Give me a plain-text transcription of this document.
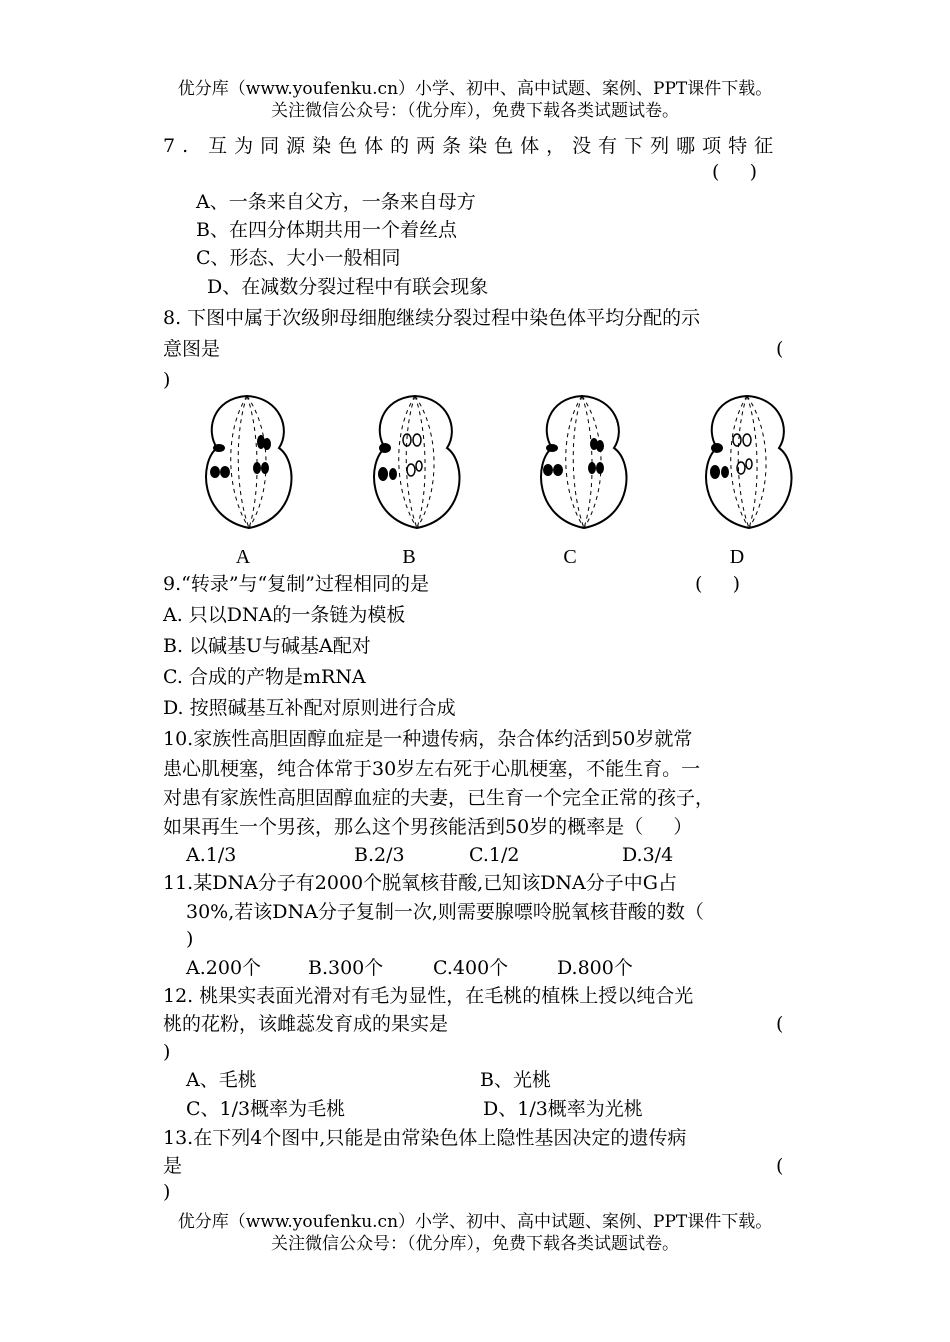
优分库（www.youfenku.cn）小学、初中、高中试题、案例、PPT课件下载。
关注微信公众号：（优分库），免费下载各类试题试卷。
7. 互为同源染色体的两条染色体，没有下列哪项特征
(     )
A、一条来自父方，一条来自母方
B、在四分体期共用一个着丝点
C、形态、大小一般相同
D、在减数分裂过程中有联会现象
8. 下图中属于次级卵母细胞继续分裂过程中染色体平均分配的示
意图是	(
)
A	B	C	D
9.“转录”与“复制”过程相同的是	(     )
A. 只以DNA的一条链为模板
B. 以碱基U与碱基A配对
C. 合成的产物是mRNA
D. 按照碱基互补配对原则进行合成
10.家族性高胆固醇血症是一种遗传病，杂合体约活到50岁就常
患心肌梗塞，纯合体常于30岁左右死于心肌梗塞，不能生育。一
对患有家族性高胆固醇血症的夫妻，已生育一个完全正常的孩子，
如果再生一个男孩，那么这个男孩能活到50岁的概率是（     ）
A.1/3	B.2/3	C.1/2	D.3/4
11.某DNA分子有2000个脱氧核苷酸,已知该DNA分子中G占
30%,若该DNA分子复制一次,则需要腺嘌呤脱氧核苷酸的数（
)
A.200个 B.300个	C.400个	D.800个
12. 桃果实表面光滑对有毛为显性，在毛桃的植株上授以纯合光
桃的花粉，该雌蕊发育成的果实是	(
)
A、毛桃	B、光桃
C、1/3概率为毛桃	D、1/3概率为光桃
13.在下列4个图中,只能是由常染色体上隐性基因决定的遗传病
是	(
)
优分库（www.youfenku.cn）小学、初中、高中试题、案例、PPT课件下载。
关注微信公众号：（优分库），免费下载各类试题试卷。
